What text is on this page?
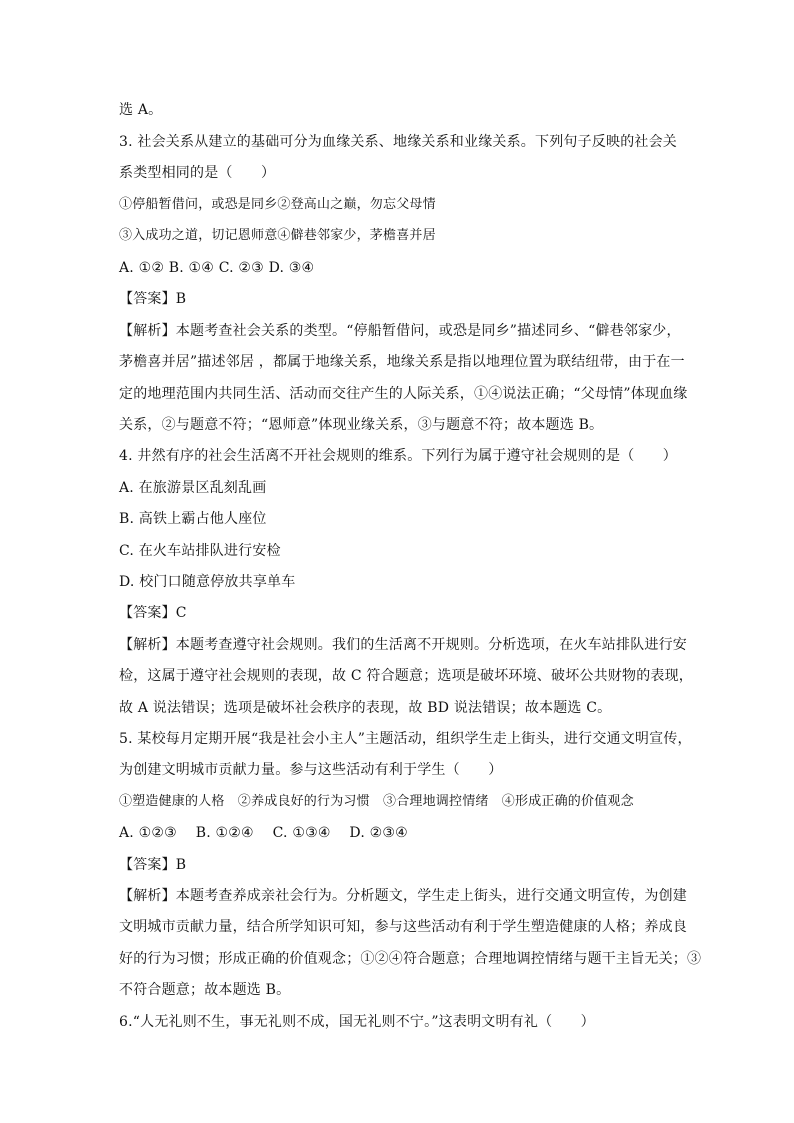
选 A。
3. 社会关系从建立的基础可分为血缘关系、地缘关系和业缘关系。下列句子反映的社会关
系类型相同的是（　　）
①停船暂借问，或恐是同乡②登高山之巅，勿忘父母情
③入成功之道，切记恩师意④僻巷邻家少，茅檐喜并居
A. ①② B. ①④ C. ②③ D. ③④
【答案】B
【解析】本题考查社会关系的类型。“停船暂借问，或恐是同乡”描述同乡、“僻巷邻家少，
茅檐喜并居”描述邻居 ，都属于地缘关系，地缘关系是指以地理位置为联结纽带，由于在一
定的地理范围内共同生活、活动而交往产生的人际关系，①④说法正确；“父母情”体现血缘
关系，②与题意不符；“恩师意”体现业缘关系，③与题意不符；故本题选 B。
4. 井然有序的社会生活离不开社会规则的维系。下列行为属于遵守社会规则的是（　　）
A. 在旅游景区乱刻乱画
B. 高铁上霸占他人座位
C. 在火车站排队进行安检
D. 校门口随意停放共享单车
【答案】C
【解析】本题考查遵守社会规则。我们的生活离不开规则。分析选项，在火车站排队进行安
检，这属于遵守社会规则的表现，故 C 符合题意；选项是破坏环境、破坏公共财物的表现，
故 A 说法错误；选项是破坏社会秩序的表现，故 BD 说法错误；故本题选 C。
5. 某校每月定期开展“我是社会小主人”主题活动，组织学生走上街头，进行交通文明宣传，
为创建文明城市贡献力量。参与这些活动有利于学生（　　）
①塑造健康的人格　②养成良好的行为习惯　③合理地调控情绪　④形成正确的价值观念
A. ①②③　 B. ①②④　 C. ①③④　 D. ②③④
【答案】B
【解析】本题考查养成亲社会行为。分析题文，学生走上街头，进行交通文明宣传，为创建
文明城市贡献力量，结合所学知识可知，参与这些活动有利于学生塑造健康的人格；养成良
好的行为习惯；形成正确的价值观念；①②④符合题意；合理地调控情绪与题干主旨无关；③
不符合题意；故本题选 B。
6.“人无礼则不生，事无礼则不成，国无礼则不宁。”这表明文明有礼（　　）
